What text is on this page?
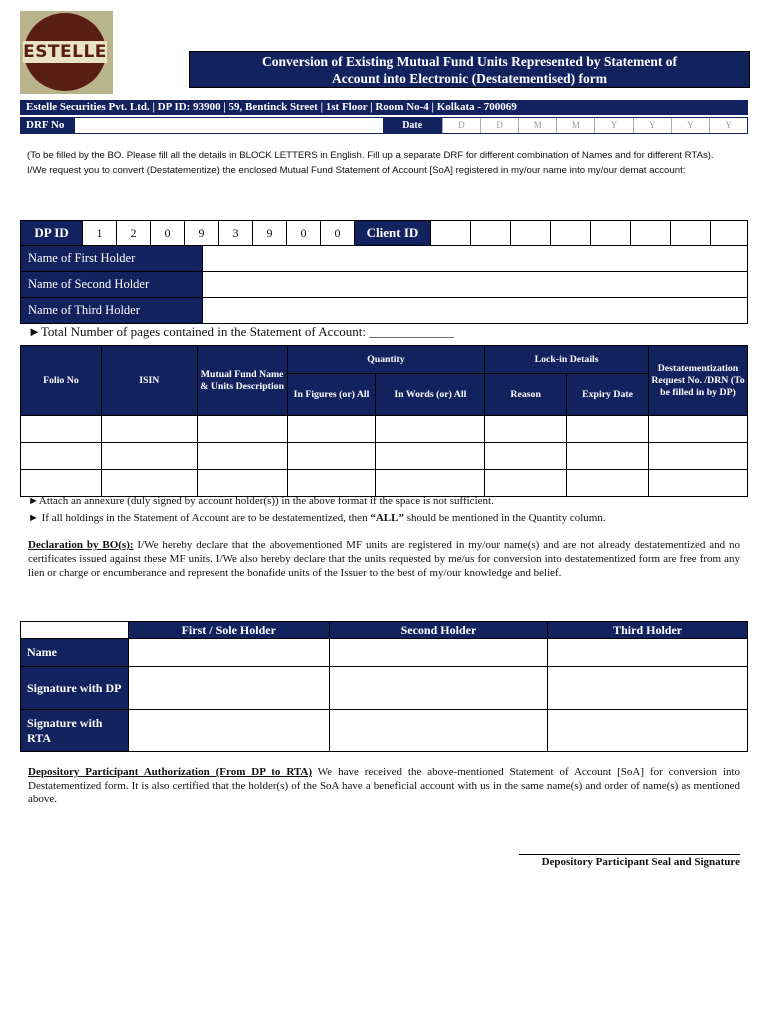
ESTELLE	Conversion of Existing Mutual Fund Units Represented by Statement of
Account into Electronic (Destatementised) form
Estelle Securities Pvt. Ltd. | DP ID: 93900 | 59, Bentinck Street | 1st Floor | Room No-4 | Kolkata - 700069
DRF No	Date	D	D	M	M	Y	Y	Y	Y

(To be filled by the BO. Please fill all the details in BLOCK LETTERS in English. Fill up a separate DRF for different combination of Names and for different RTAs).

I/We request you to convert (Destatementize) the enclosed Mutual Fund Statement of Account [SoA] registered in my/our name into my/our demat account:

DP ID	1	2	0	9	3	9	0	0	Client ID
Name of First Holder
Name of Second Holder
Name of Third Holder
►Total Number of pages contained in the Statement of Account: _____________
Folio No	ISIN	Mutual Fund Name & Units Description	Quantity		Lock-in Details		Destatementization Request No. /DRN (To be filled in by DP)
			In Figures (or) All	In Words (or) All	Reason	Expiry Date	

►Attach an annexure (duly signed by account holder(s)) in the above format if the space is not sufficient.
► If all holdings in the Statement of Account are to be destatementized, then “ALL” should be mentioned in the Quantity column.
Declaration by BO(s): I/We hereby declare that the abovementioned MF units are registered in my/our name(s) and are not already destatementized and no certificates issued against these MF units. I/We also hereby declare that the units requested by me/us for conversion into destatementized form are free from any lien or charge or encumberance and represent the bonafide units of the Issuer to the best of my/our knowledge and belief.
	First / Sole Holder	Second Holder	Third Holder
Name			
Signature with DP			
Signature with RTA			
Depository Participant Authorization (From DP to RTA) We have received the above-mentioned Statement of Account [SoA] for conversion into Destatementized form. It is also certified that the holder(s) of the SoA have a beneficial account with us in the same name(s) and order of name(s) as mentioned above.
Depository Participant Seal and Signature
